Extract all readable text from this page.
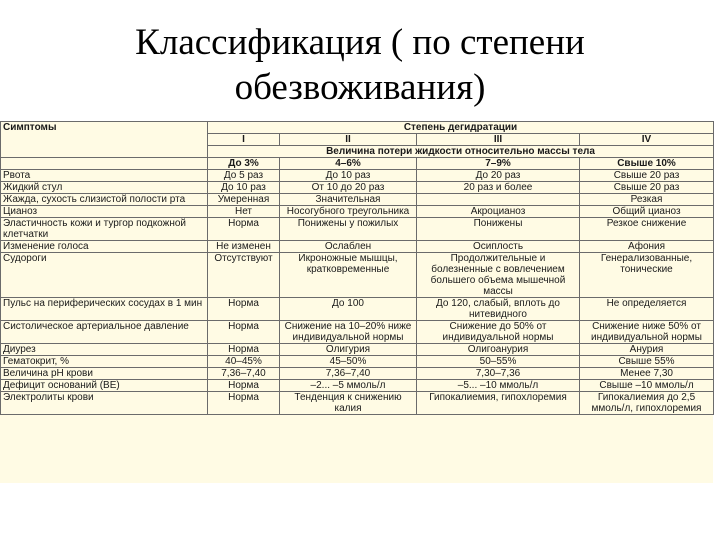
Классификация ( по степени
обезвоживания)
Симптомы	Степень дегидратации			
	I	II	III	IV
	Величина потери жидкости относительно массы тела			
	До 3%	4–6%	7–9%	Свыше 10%
Рвота	До 5 раз	До 10 раз	До 20 раз	Свыше 20 раз
Жидкий стул	До 10 раз	От 10 до 20 раз	20 раз и более	Свыше 20 раз
Жажда, сухость слизистой полости рта	Умеренная	Значительная		Резкая
Цианоз	Нет	Носогубного треугольника	Акроцианоз	Общий цианоз
Эластичность кожи и тургор подкожной клетчатки	Норма	Понижены у пожилых	Понижены	Резкое снижение
Изменение голоса	Не изменен	Ослаблен	Осиплость	Афония
Судороги	Отсутствуют	Икроножные мышцы, кратковременные	Продолжительные и болезненные с вовлечением большего объема мышечной массы	Генерализованные, тонические
Пульс на периферических сосудах в 1 мин	Норма	До 100	До 120, слабый, вплоть до нитевидного	Не определяется
Систолическое артериальное давление	Норма	Снижение на 10–20% ниже индивидуальной нормы	Снижение до 50% от индивидуальной нормы	Снижение ниже 50% от индивидуальной нормы
Диурез	Норма	Олигурия	Олигоанурия	Анурия
Гематокрит, %	40–45%	45–50%	50–55%	Свыше 55%
Величина pH крови	7,36–7,40	7,36–7,40	7,30–7,36	Менее 7,30
Дефицит оснований (BE)	Норма	–2... –5 ммоль/л	–5... –10 ммоль/л	Свыше –10 ммоль/л
Электролиты крови	Норма	Тенденция к снижению калия	Гипокалиемия, гипохлоремия	Гипокалиемия до 2,5 ммоль/л, гипохлоремия
